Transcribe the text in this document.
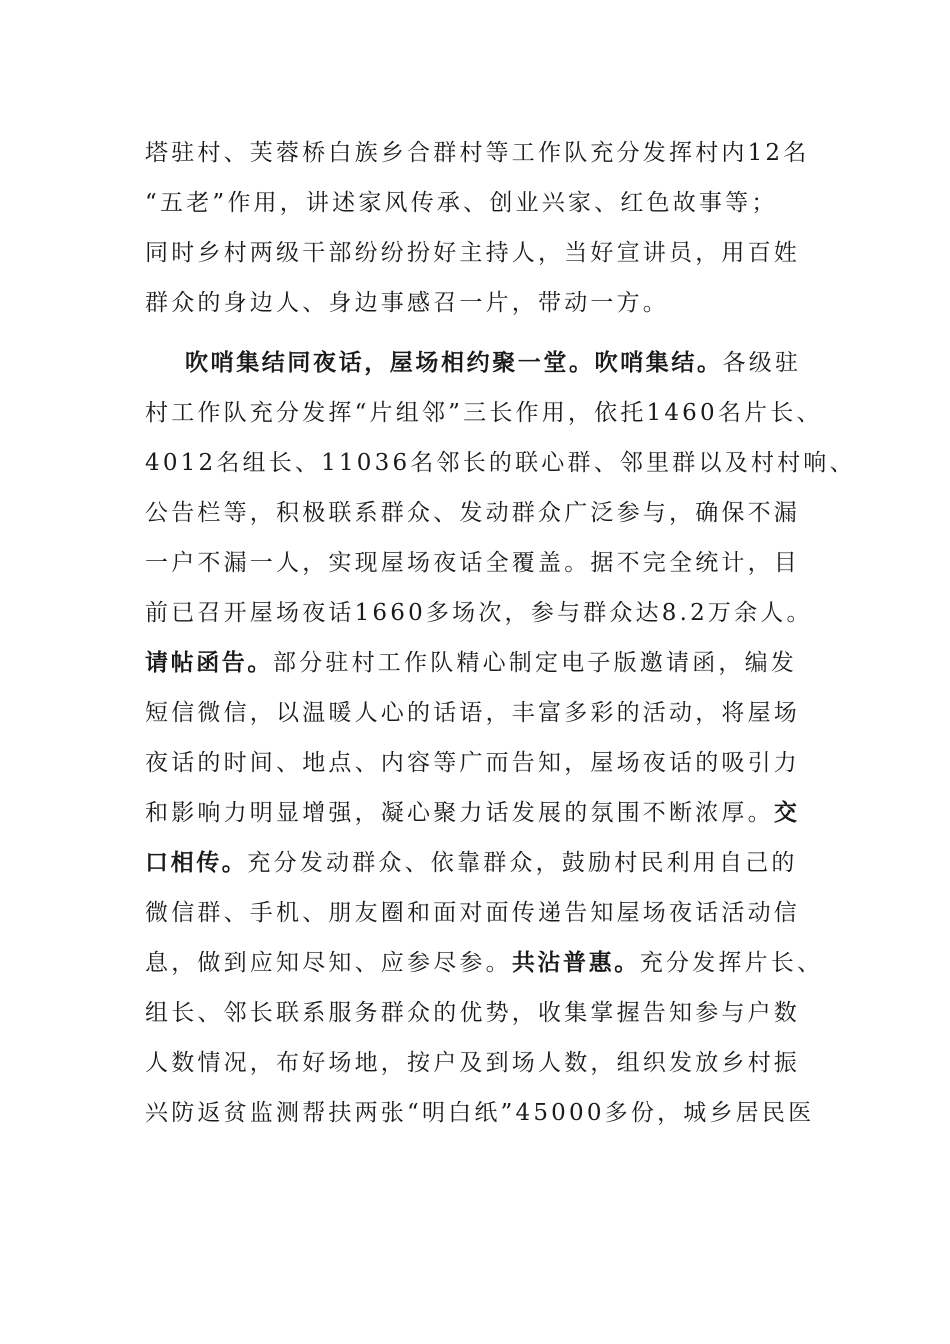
塔驻村、芙蓉桥白族乡合群村等工作队充分发挥村内12名
“五老”作用，讲述家风传承、创业兴家、红色故事等；
同时乡村两级干部纷纷扮好主持人，当好宣讲员，用百姓
群众的身边人、身边事感召一片，带动一方。
吹哨集结同夜话，屋场相约聚一堂。吹哨集结。各级驻
村工作队充分发挥“片组邻”三长作用，依托1460名片长、
4012名组长、11036名邻长的联心群、邻里群以及村村响、
公告栏等，积极联系群众、发动群众广泛参与，确保不漏
一户不漏一人，实现屋场夜话全覆盖。据不完全统计，目
前已召开屋场夜话1660多场次，参与群众达8.2万余人。
请帖函告。部分驻村工作队精心制定电子版邀请函，编发
短信微信，以温暖人心的话语，丰富多彩的活动，将屋场
夜话的时间、地点、内容等广而告知，屋场夜话的吸引力
和影响力明显增强，凝心聚力话发展的氛围不断浓厚。交
口相传。充分发动群众、依靠群众，鼓励村民利用自己的
微信群、手机、朋友圈和面对面传递告知屋场夜话活动信
息，做到应知尽知、应参尽参。共沾普惠。充分发挥片长、
组长、邻长联系服务群众的优势，收集掌握告知参与户数
人数情况，布好场地，按户及到场人数，组织发放乡村振
兴防返贫监测帮扶两张“明白纸”45000多份，城乡居民医
